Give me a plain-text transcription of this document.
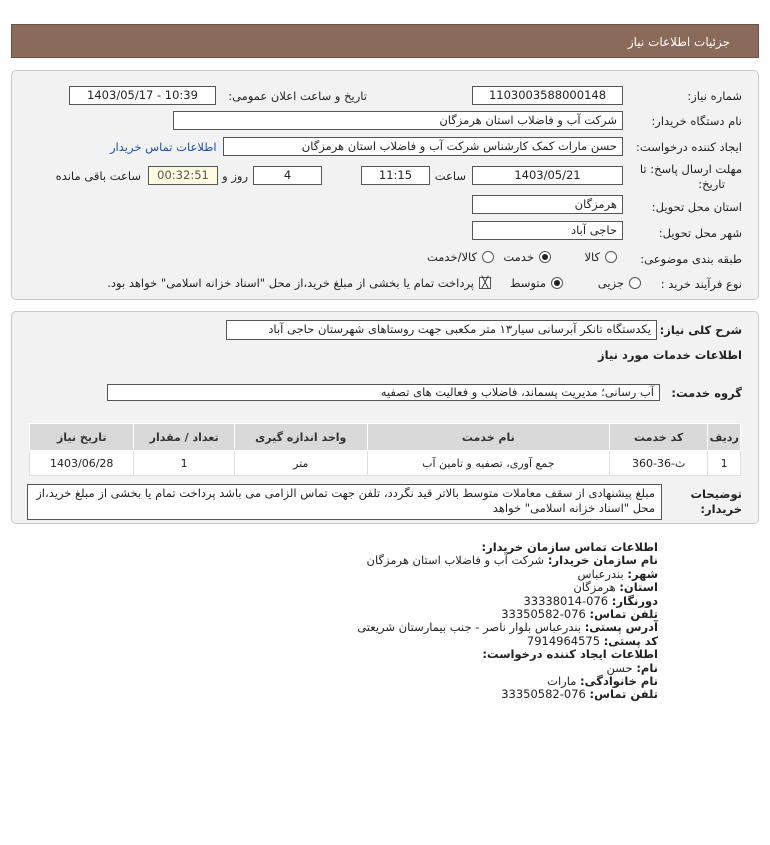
جزئیات اطلاعات نیاز
شماره نیاز:
1103003588000148
تاریخ و ساعت اعلان عمومی:
1403/05/17 - 10:39
نام دستگاه خریدار:
شرکت آب و فاضلاب استان هرمزگان
ایجاد کننده درخواست:
حسن مارات کمک کارشناس شرکت آب و فاضلاب استان هرمزگان
اطلاعات تماس خریدار
مهلت ارسال پاسخ: تا
تاریخ:
1403/05/21
ساعت
11:15
4
روز و
00:32:51
ساعت باقی مانده
استان محل تحویل:
هرمزگان
شهر محل تحویل:
حاجی آباد
طبقه بندی موضوعی:
کالا
خدمت
کالا/خدمت
نوع فرآیند خرید :
جزیی
متوسط
╳
پرداخت تمام یا بخشی از مبلغ خرید،از محل "اسناد خزانه اسلامی" خواهد بود.
شرح کلی نیاز:
یکدستگاه تانکر آبرسانی سیار۱۳ متر مکعبی جهت روستاهای شهرستان حاجی آباد
اطلاعات خدمات مورد نیاز
گروه خدمت:
آب رسانی؛ مدیریت پسماند، فاضلاب و فعالیت های تصفیه
ردیف	کد خدمت	نام خدمت	واحد اندازه گیری	تعداد / مقدار	تاریخ نیاز
1	ث-36-360	جمع آوری، تصفیه و تامین آب	متر	1	1403/06/28
توضیحات
خریدار:
مبلغ پیشنهادی از سقف معاملات متوسط بالاتر قید نگردد، تلفن جهت تماس الزامی می باشد پرداخت تمام یا بخشی از مبلغ خرید،از محل "اسناد خزانه اسلامی" خواهد
اطلاعات تماس سازمان خریدار:
نام سازمان خریدار: شرکت آب و فاضلاب استان هرمزگان
شهر: بندرعباس
استان: هرمزگان
دورنگار: 076-33338014
تلفن تماس: 076-33350582
آدرس پستی: بندرعباس بلوار ناصر - جنب بیمارستان شریعتی
کد پستی: 7914964575
اطلاعات ایجاد کننده درخواست:
نام: حسن
نام خانوادگی: مارات
تلفن تماس: 076-33350582
